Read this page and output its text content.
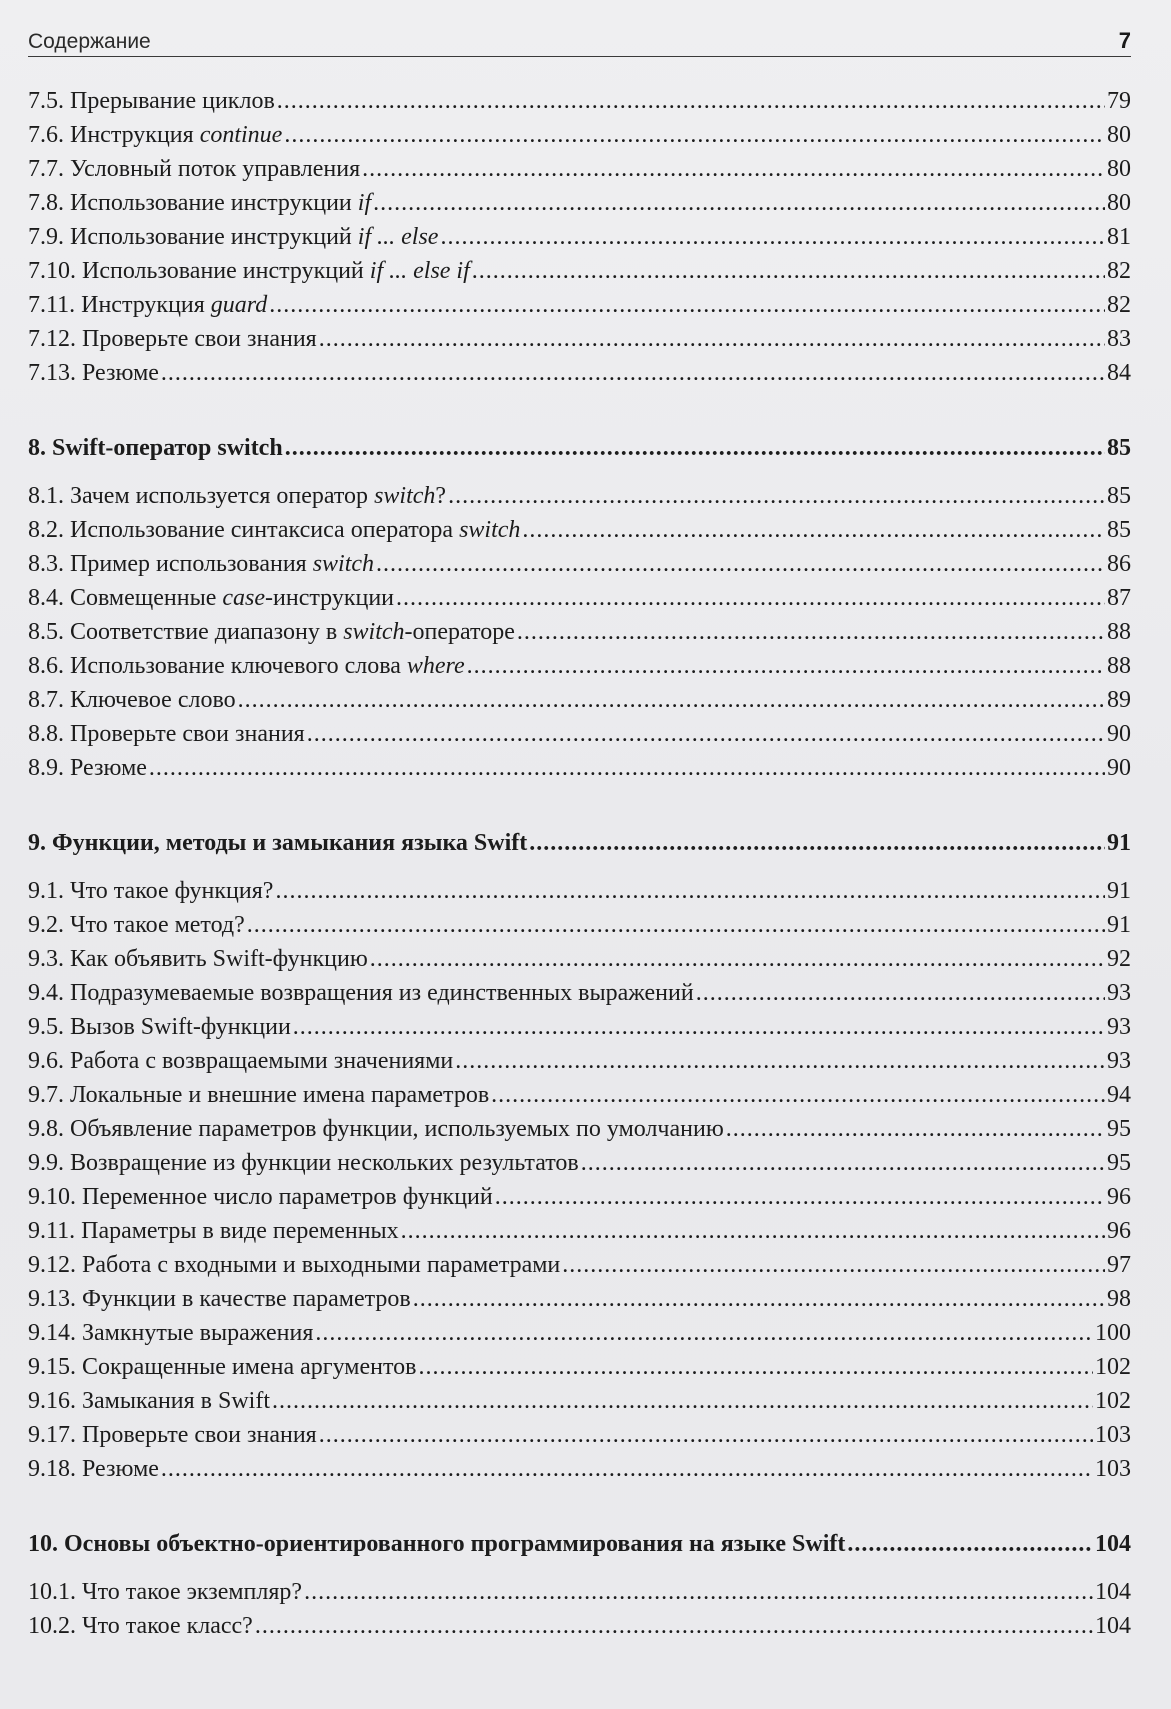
Содержание	7
7.5. Прерывание циклов .....	79
7.6. Инструкция continue .....	80
7.7. Условный поток управления .....	80
7.8. Использование инструкции if .....	80
7.9. Использование инструкций if ... else .....	81
7.10. Использование инструкций if ... else if .....	82
7.11. Инструкция guard .....	82
7.12. Проверьте свои знания .....	83
7.13. Резюме .....	84
8. Swift-оператор switch .....	85
8.1. Зачем используется оператор switch? .....	85
8.2. Использование синтаксиса оператора switch .....	85
8.3. Пример использования switch .....	86
8.4. Совмещенные case-инструкции .....	87
8.5. Соответствие диапазону в switch-операторе .....	88
8.6. Использование ключевого слова where .....	88
8.7. Ключевое слово .....	89
8.8. Проверьте свои знания .....	90
8.9. Резюме .....	90
9. Функции, методы и замыкания языка Swift .....	91
9.1. Что такое функция? .....	91
9.2. Что такое метод? .....	91
9.3. Как объявить Swift-функцию .....	92
9.4. Подразумеваемые возвращения из единственных выражений .....	93
9.5. Вызов Swift-функции .....	93
9.6. Работа с возвращаемыми значениями .....	93
9.7. Локальные и внешние имена параметров .....	94
9.8. Объявление параметров функции, используемых по умолчанию .....	95
9.9. Возвращение из функции нескольких результатов .....	95
9.10. Переменное число параметров функций .....	96
9.11. Параметры в виде переменных .....	96
9.12. Работа с входными и выходными параметрами .....	97
9.13. Функции в качестве параметров .....	98
9.14. Замкнутые выражения .....	100
9.15. Сокращенные имена аргументов .....	102
9.16. Замыкания в Swift .....	102
9.17. Проверьте свои знания .....	103
9.18. Резюме .....	103
10. Основы объектно-ориентированного программирования на языке Swift .....	104
10.1. Что такое экземпляр? .....	104
10.2. Что такое класс? .....	104
